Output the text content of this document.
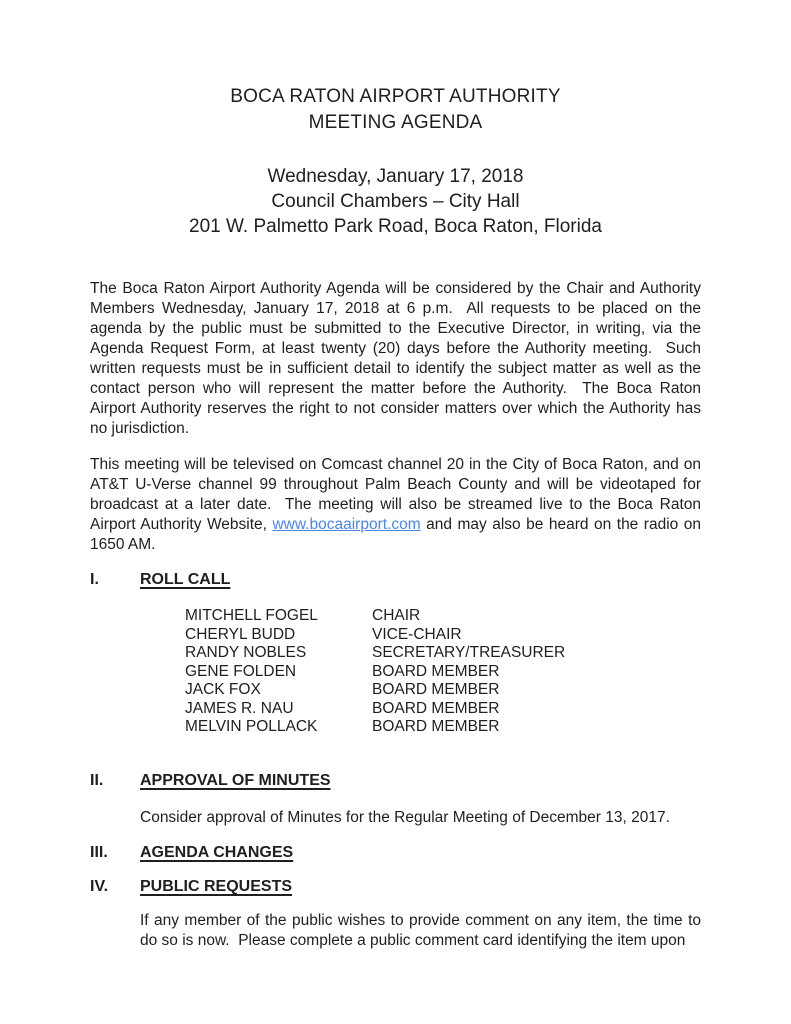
BOCA RATON AIRPORT AUTHORITY
MEETING AGENDA
Wednesday, January 17, 2018
Council Chambers – City Hall
201 W. Palmetto Park Road, Boca Raton, Florida

The Boca Raton Airport Authority Agenda will be considered by the Chair and Authority Members Wednesday, January 17, 2018 at 6 p.m.  All requests to be placed on the agenda by the public must be submitted to the Executive Director, in writing, via the Agenda Request Form, at least twenty (20) days before the Authority meeting.  Such written requests must be in sufficient detail to identify the subject matter as well as the contact person who will represent the matter before the Authority.  The Boca Raton Airport Authority reserves the right to not consider matters over which the Authority has no jurisdiction.

This meeting will be televised on Comcast channel 20 in the City of Boca Raton, and on AT&T U-Verse channel 99 throughout Palm Beach County and will be videotaped for broadcast at a later date.  The meeting will also be streamed live to the Boca Raton Airport Authority Website, www.bocaairport.com and may also be heard on the radio on 1650 AM.

I.	ROLL CALL
MITCHELL FOGEL	CHAIR
CHERYL BUDD	VICE-CHAIR
RANDY NOBLES	SECRETARY/TREASURER
GENE FOLDEN	BOARD MEMBER
JACK FOX	BOARD MEMBER
JAMES R. NAU	BOARD MEMBER
MELVIN POLLACK	BOARD MEMBER
II.	APPROVAL OF MINUTES

Consider approval of Minutes for the Regular Meeting of December 13, 2017.

III.	AGENDA CHANGES
IV.	PUBLIC REQUESTS

If any member of the public wishes to provide comment on any item, the time to do so is now.  Please complete a public comment card identifying the item upon
